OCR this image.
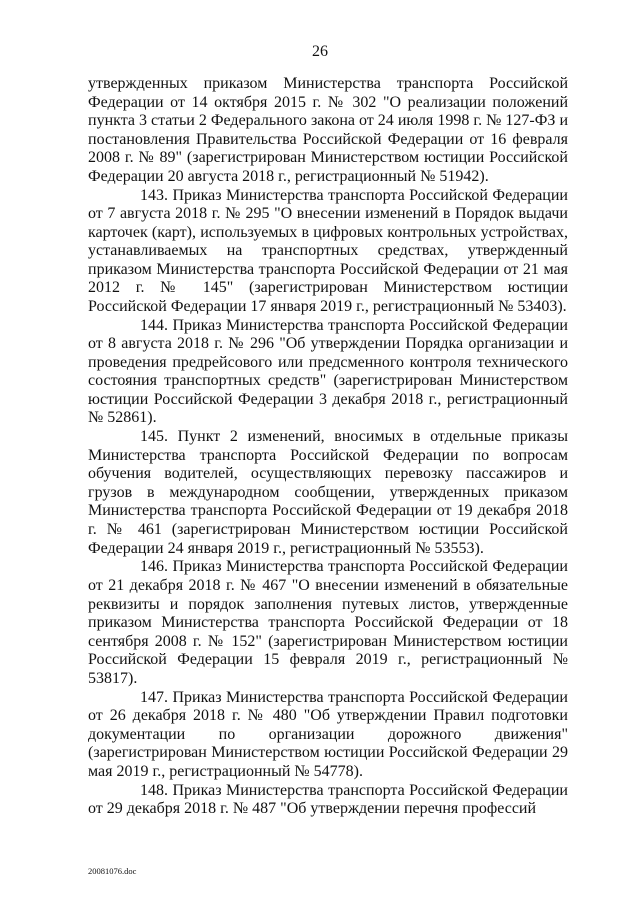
26

утвержденных приказом Министерства транспорта Российской Федерации от 14 октября 2015 г. № 302 "О реализации положений пункта 3 статьи 2 Федерального закона от 24 июля 1998 г. № 127-ФЗ и постановления Правительства Российской Федерации от 16 февраля 2008 г. № 89" (зарегистрирован Министерством юстиции Российской Федерации 20 августа 2018 г., регистрационный № 51942).

143. Приказ Министерства транспорта Российской Федерации от 7 августа 2018 г. № 295 "О внесении изменений в Порядок выдачи карточек (карт), используемых в цифровых контрольных устройствах, устанавливаемых на транспортных средствах, утвержденный приказом Министерства транспорта Российской Федерации от 21 мая 2012 г. № 145" (зарегистрирован Министерством юстиции Российской Федерации 17 января 2019 г., регистрационный № 53403).

144. Приказ Министерства транспорта Российской Федерации от 8 августа 2018 г. № 296 "Об утверждении Порядка организации и проведения предрейсового или предсменного контроля технического состояния транспортных средств" (зарегистрирован Министерством юстиции Российской Федерации 3 декабря 2018 г., регистрационный № 52861).

145. Пункт 2 изменений, вносимых в отдельные приказы Министерства транспорта Российской Федерации по вопросам обучения водителей, осуществляющих перевозку пассажиров и грузов в международном сообщении, утвержденных приказом Министерства транспорта Российской Федерации от 19 декабря 2018 г. № 461 (зарегистрирован Министерством юстиции Российской Федерации 24 января 2019 г., регистрационный № 53553).

146. Приказ Министерства транспорта Российской Федерации от 21 декабря 2018 г. № 467 "О внесении изменений в обязательные реквизиты и порядок заполнения путевых листов, утвержденные приказом Министерства транспорта Российской Федерации от 18 сентября 2008 г. № 152" (зарегистрирован Министерством юстиции Российской Федерации 15 февраля 2019 г., регистрационный № 53817).

147. Приказ Министерства транспорта Российской Федерации от 26 декабря 2018 г. № 480 "Об утверждении Правил подготовки документации по организации дорожного движения" (зарегистрирован Министерством юстиции Российской Федерации 29 мая 2019 г., регистрационный № 54778).

148. Приказ Министерства транспорта Российской Федерации от 29 декабря 2018 г. № 487 "Об утверждении перечня профессий

20081076.doc
